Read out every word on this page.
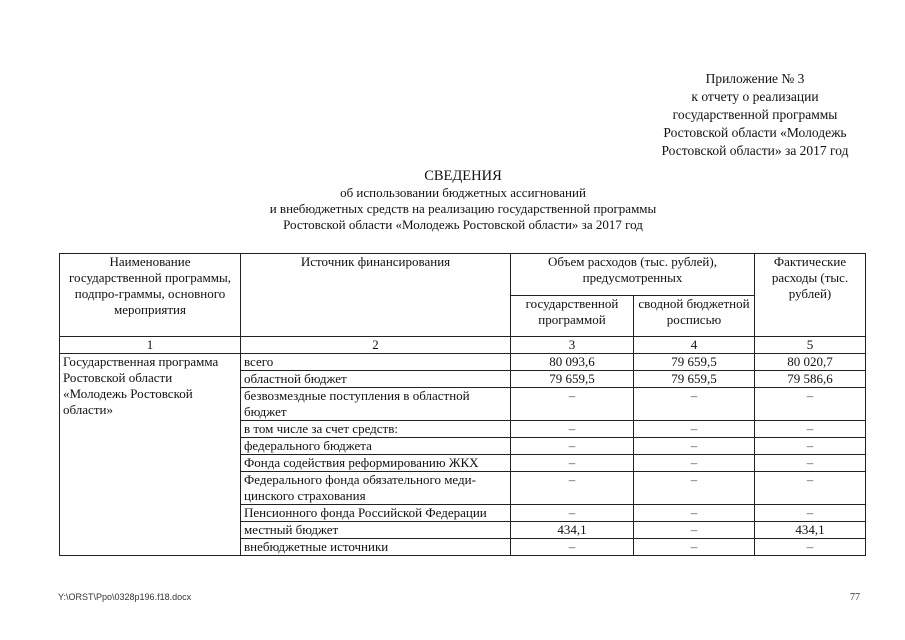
Приложение № 3
к отчету о реализации
государственной программы
Ростовской области «Молодежь
Ростовской области» за 2017 год
СВЕДЕНИЯ
об использовании бюджетных ассигнований
и внебюджетных средств на реализацию государственной программы
Ростовской области «Молодежь Ростовской области» за 2017 год
Наименование государственной программы, подпро-граммы, основного мероприятия	Источник финансирования	Объем расходов (тыс. рублей), предусмотренных		Фактические расходы (тыс. рублей)
		государственной программой	сводной бюджетной росписью	
1	2	3	4	5
Государственная программа Ростовской области «Молодежь Ростовской области»	всего	80 093,6	79 659,5	80 020,7
	областной бюджет	79 659,5	79 659,5	79 586,6
	безвозмездные поступления в областной бюджет	–	–	–
	в том числе за счет средств:	–	–	–
	федерального бюджета	–	–	–
	Фонда содействия реформированию ЖКХ	–	–	–
	Федерального фонда обязательного меди-цинского страхования	–	–	–
	Пенсионного фонда Российской Федерации	–	–	–
	местный бюджет	434,1	–	434,1
	внебюджетные источники	–	–	–
Y:\ORST\Ppo\0328p196.f18.docx	77
